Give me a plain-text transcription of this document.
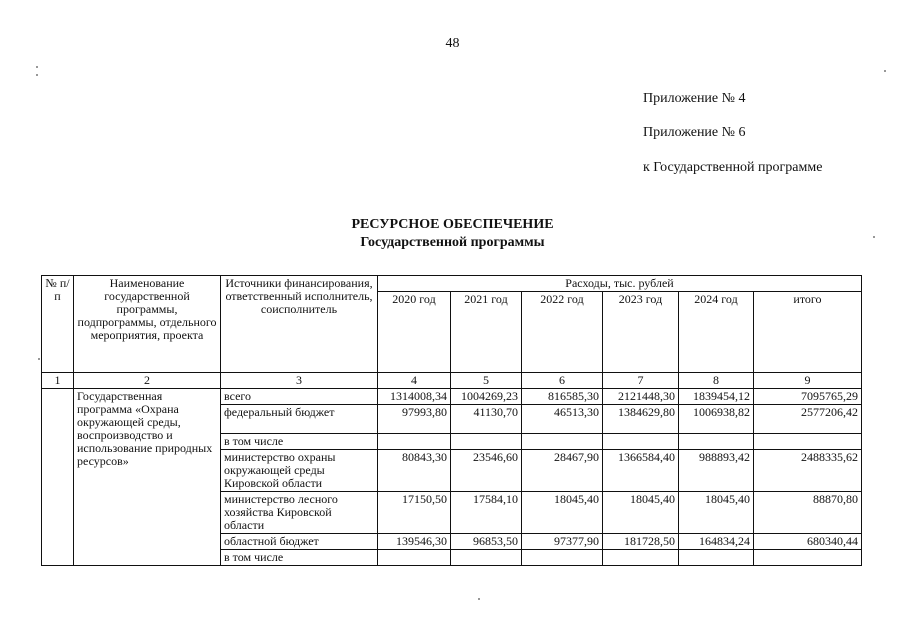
48
Приложение № 4
Приложение № 6
к Государственной программе
РЕСУРСНОЕ ОБЕСПЕЧЕНИЕ
Государственной программы
№ п/п	Наименование государственной программы, подпрограммы, отдельного мероприятия, проекта	Источники финансирования, ответственный исполнитель, соисполнитель	Расходы, тыс. рублей					
			2020 год	2021 год	2022 год	2023 год	2024 год	итого
1	2	3	4	5	6	7	8	9
	Государственная программа «Охрана окружающей среды, воспроизводство и использование природных ресурсов»	всего	1314008,34	1004269,23	816585,30	2121448,30	1839454,12	7095765,29
		федеральный бюджет	97993,80	41130,70	46513,30	1384629,80	1006938,82	2577206,42
		в том числе						
		министерство охраны окружающей среды Кировской области	80843,30	23546,60	28467,90	1366584,40	988893,42	2488335,62
		министерство лесного хозяйства Кировской области	17150,50	17584,10	18045,40	18045,40	18045,40	88870,80
		областной бюджет	139546,30	96853,50	97377,90	181728,50	164834,24	680340,44
		в том числе						
